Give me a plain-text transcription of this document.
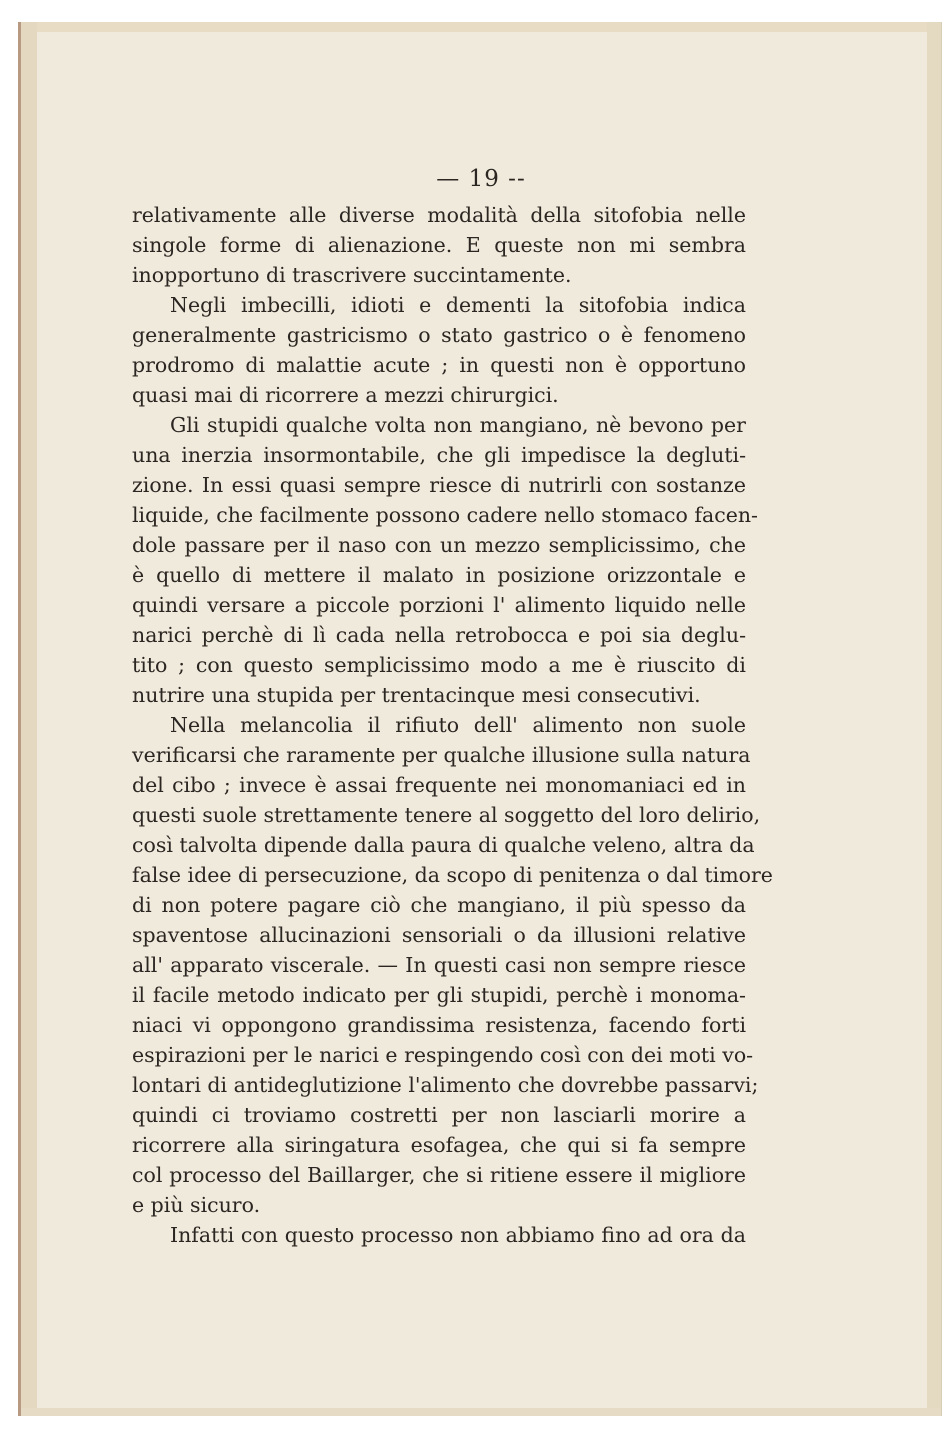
— 19 --
relativamente alle diverse modalità della sitofobia nelle
singole forme di alienazione. E queste non mi sembra
inopportuno di trascrivere succintamente.
Negli imbecilli, idioti e dementi la sitofobia indica
generalmente gastricismo o stato gastrico o è fenomeno
prodromo di malattie acute ; in questi non è opportuno
quasi mai di ricorrere a mezzi chirurgici.
Gli stupidi qualche volta non mangiano, nè bevono per
una inerzia insormontabile, che gli impedisce la degluti-
zione. In essi quasi sempre riesce di nutrirli con sostanze
liquide, che facilmente possono cadere nello stomaco facen-
dole passare per il naso con un mezzo semplicissimo, che
è quello di mettere il malato in posizione orizzontale e
quindi versare a piccole porzioni l' alimento liquido nelle
narici perchè di lì cada nella retrobocca e poi sia deglu-
tito ; con questo semplicissimo modo a me è riuscito di
nutrire una stupida per trentacinque mesi consecutivi.
Nella melancolia il rifiuto dell' alimento non suole
verificarsi che raramente per qualche illusione sulla natura
del cibo ; invece è assai frequente nei monomaniaci ed in
questi suole strettamente tenere al soggetto del loro delirio,
così talvolta dipende dalla paura di qualche veleno, altra da
false idee di persecuzione, da scopo di penitenza o dal timore
di non potere pagare ciò che mangiano, il più spesso da
spaventose allucinazioni sensoriali o da illusioni relative
all' apparato viscerale. — In questi casi non sempre riesce
il facile metodo indicato per gli stupidi, perchè i monoma-
niaci vi oppongono grandissima resistenza, facendo forti
espirazioni per le narici e respingendo così con dei moti vo-
lontari di antideglutizione l'alimento che dovrebbe passarvi;
quindi ci troviamo costretti per non lasciarli morire a
ricorrere alla siringatura esofagea, che qui si fa sempre
col processo del Baillarger, che si ritiene essere il migliore
e più sicuro.
Infatti con questo processo non abbiamo fino ad ora da
